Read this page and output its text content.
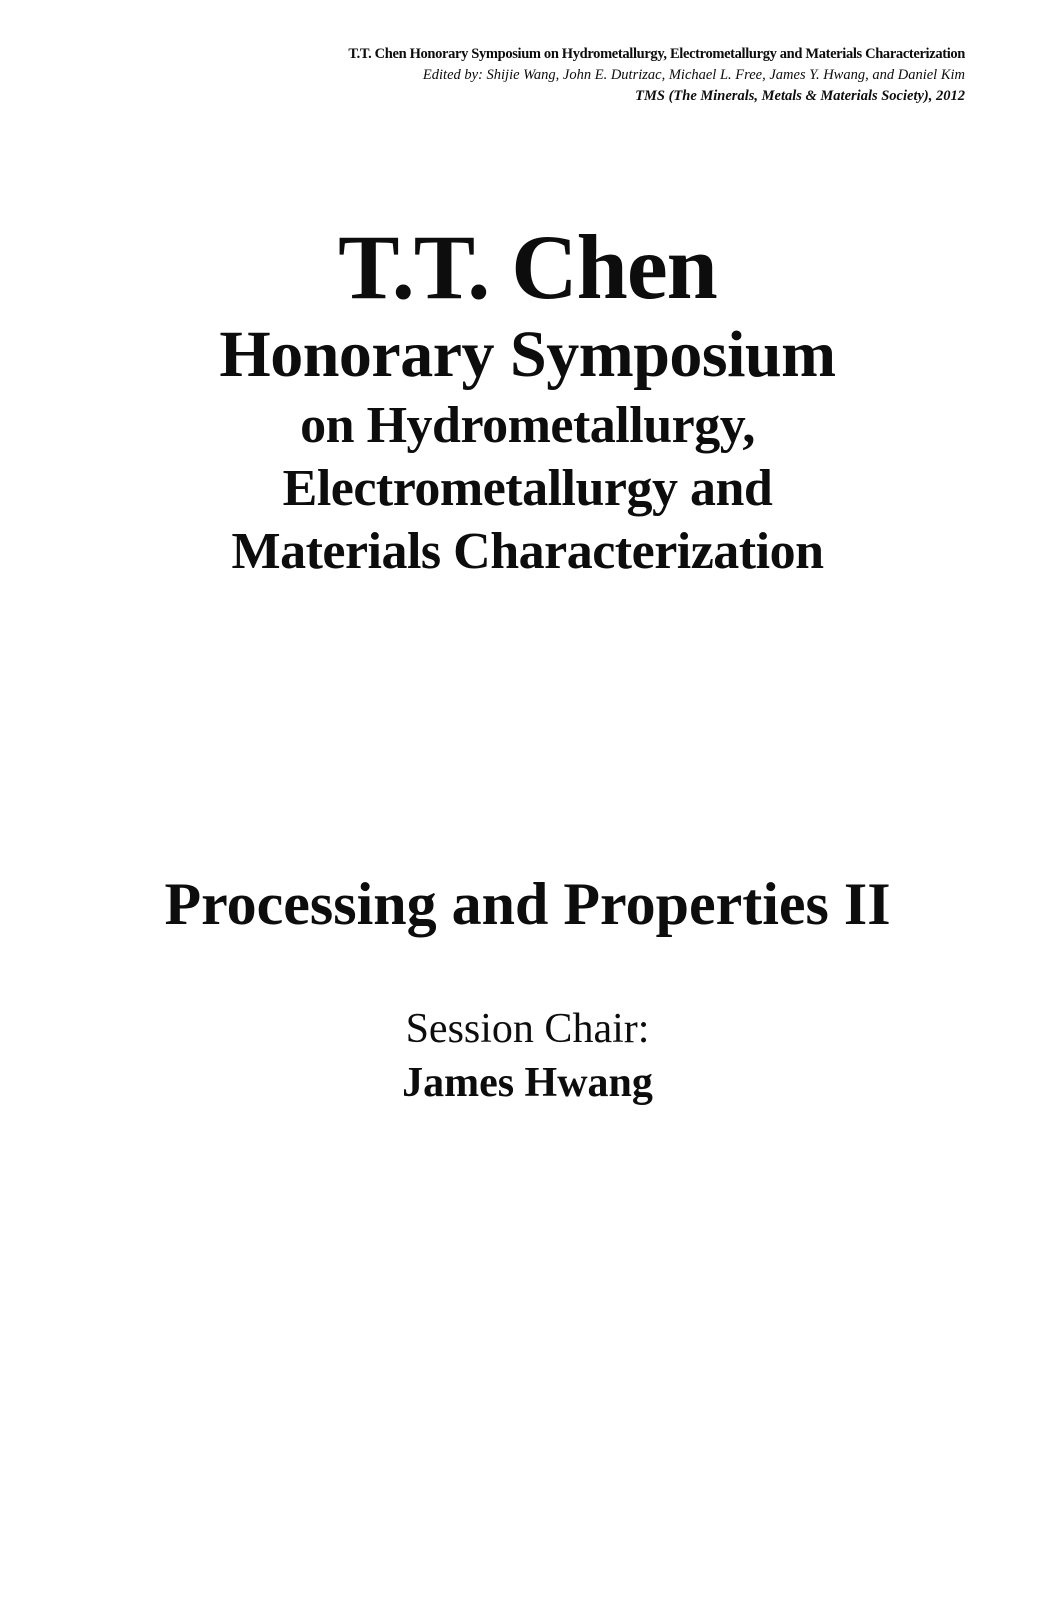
T.T. Chen Honorary Symposium on Hydrometallurgy, Electrometallurgy and Materials Characterization
Edited by: Shijie Wang, John E. Dutrizac, Michael L. Free, James Y. Hwang, and Daniel Kim
TMS (The Minerals, Metals & Materials Society), 2012
T.T. Chen
Honorary Symposium
on Hydrometallurgy,
Electrometallurgy and
Materials Characterization
Processing and Properties II
Session Chair:
James Hwang
